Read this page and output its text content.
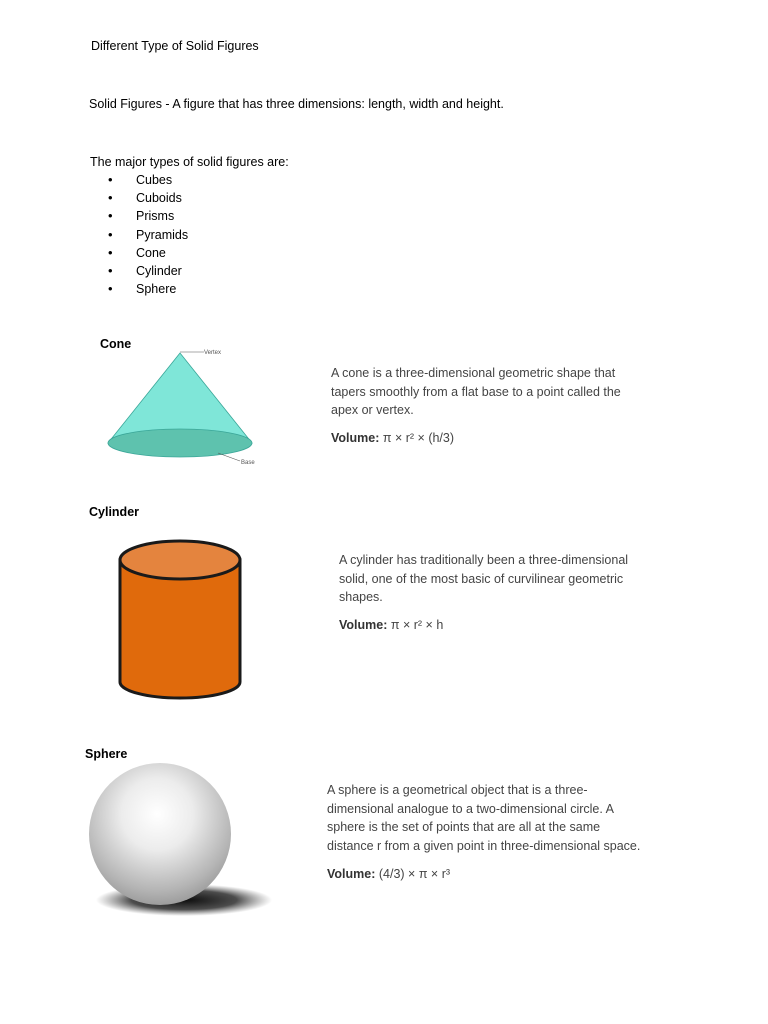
Different Type of Solid Figures
Solid Figures - A figure that has three dimensions: length, width and height.
The major types of solid figures are:
•	Cubes
•	Cuboids
•	Prisms
•	Pyramids
•	Cone
•	Cylinder
•	Sphere
Cone
Vertex
Base

A cone is a three-dimensional geometric shape that

tapers smoothly from a flat base to a point called the

apex or vertex.

Volume: π × r² × (h/3)
Cylinder

A cylinder has traditionally been a three-dimensional

solid, one of the most basic of curvilinear geometric

shapes.

Volume: π × r² × h
Sphere

A sphere is a geometrical object that is a three-

dimensional analogue to a two-dimensional circle. A

sphere is the set of points that are all at the same

distance r from a given point in three-dimensional space.

Volume: (4/3) × π × r³
